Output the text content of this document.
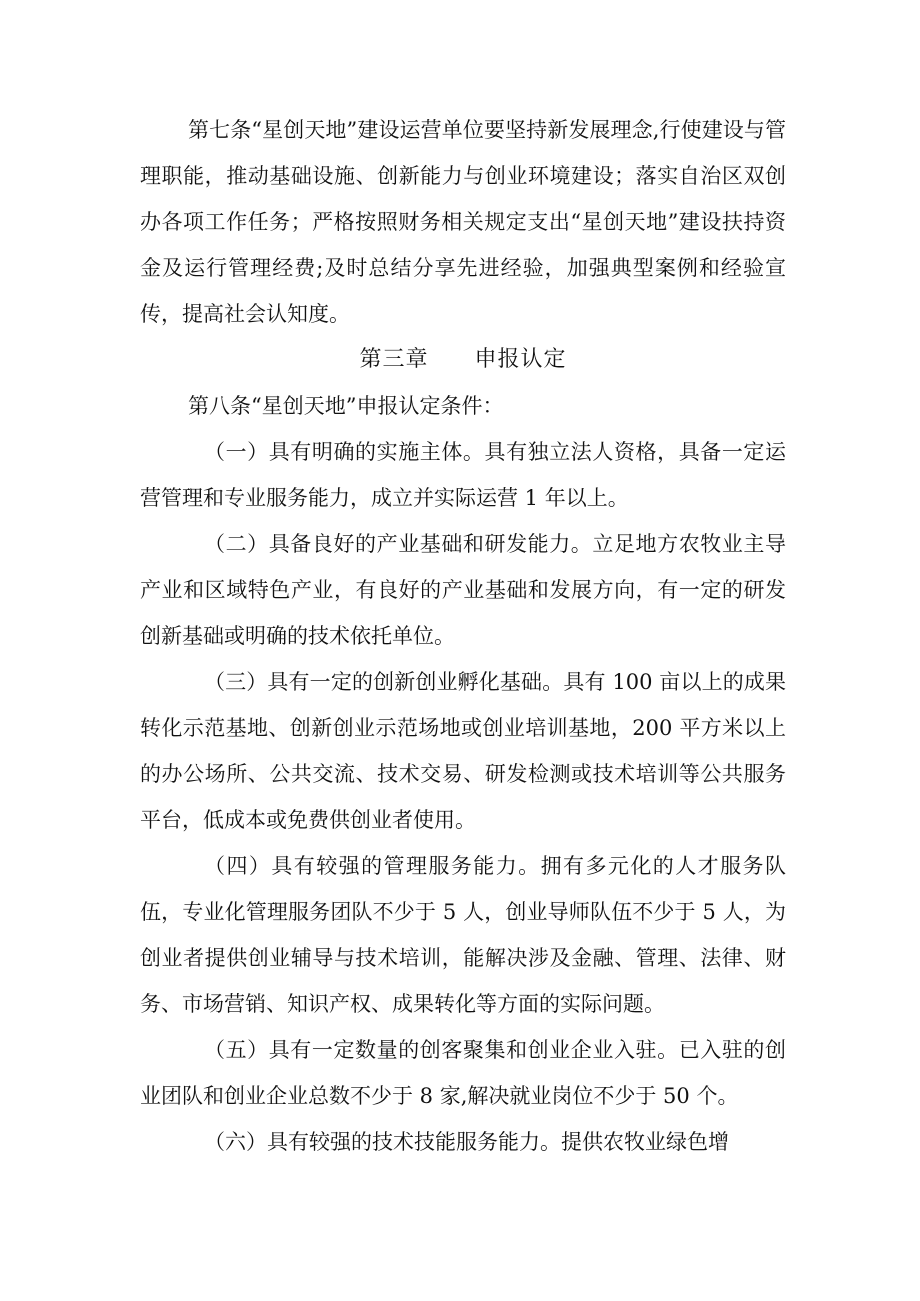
第七条“星创天地”建设运营单位要坚持新发展理念,行使建设与管理职能，推动基础设施、创新能力与创业环境建设；落实自治区双创办各项工作任务；严格按照财务相关规定支出“星创天地”建设扶持资金及运行管理经费;及时总结分享先进经验，加强典型案例和经验宣传，提高社会认知度。

第三章 申报认定

第八条“星创天地”申报认定条件：

（一）具有明确的实施主体。具有独立法人资格，具备一定运营管理和专业服务能力，成立并实际运营 1 年以上。

（二）具备良好的产业基础和研发能力。立足地方农牧业主导产业和区域特色产业，有良好的产业基础和发展方向，有一定的研发创新基础或明确的技术依托单位。

（三）具有一定的创新创业孵化基础。具有 100 亩以上的成果转化示范基地、创新创业示范场地或创业培训基地，200 平方米以上的办公场所、公共交流、技术交易、研发检测或技术培训等公共服务平台，低成本或免费供创业者使用。

（四）具有较强的管理服务能力。拥有多元化的人才服务队伍，专业化管理服务团队不少于 5 人，创业导师队伍不少于 5 人，为创业者提供创业辅导与技术培训，能解决涉及金融、管理、法律、财务、市场营销、知识产权、成果转化等方面的实际问题。

（五）具有一定数量的创客聚集和创业企业入驻。已入驻的创业团队和创业企业总数不少于 8 家,解决就业岗位不少于 50 个。

（六）具有较强的技术技能服务能力。提供农牧业绿色增
